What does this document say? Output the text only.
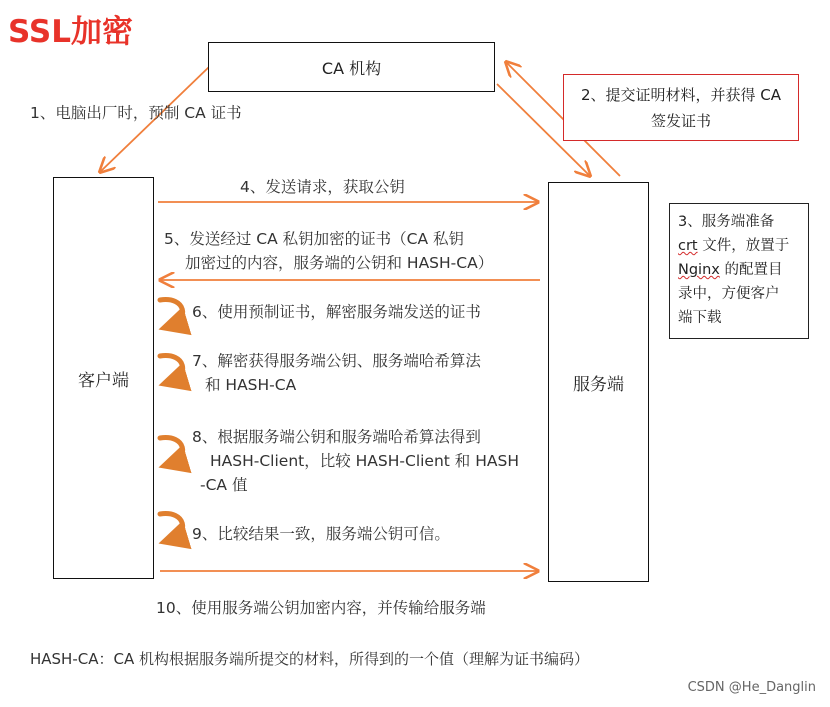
SSL加密
CA 机构
客户端	服务端
2、提交证明材料，并获得 CA
签发证书
3、服务端准备
crt 文件，放置于
Nginx 的配置目
录中，方便客户
端下载
1、电脑出厂时，预制 CA 证书
4、发送请求，获取公钥
5、发送经过 CA 私钥加密的证书（CA 私钥
加密过的内容，服务端的公钥和 HASH-CA）
6、使用预制证书，解密服务端发送的证书
7、解密获得服务端公钥、服务端哈希算法
和 HASH-CA
8、根据服务端公钥和服务端哈希算法得到
HASH-Client，比较 HASH-Client 和 HASH
-CA 值
9、比较结果一致，服务端公钥可信。
10、使用服务端公钥加密内容，并传输给服务端
HASH-CA：CA 机构根据服务端所提交的材料，所得到的一个值（理解为证书编码）
CSDN @He_Danglin
